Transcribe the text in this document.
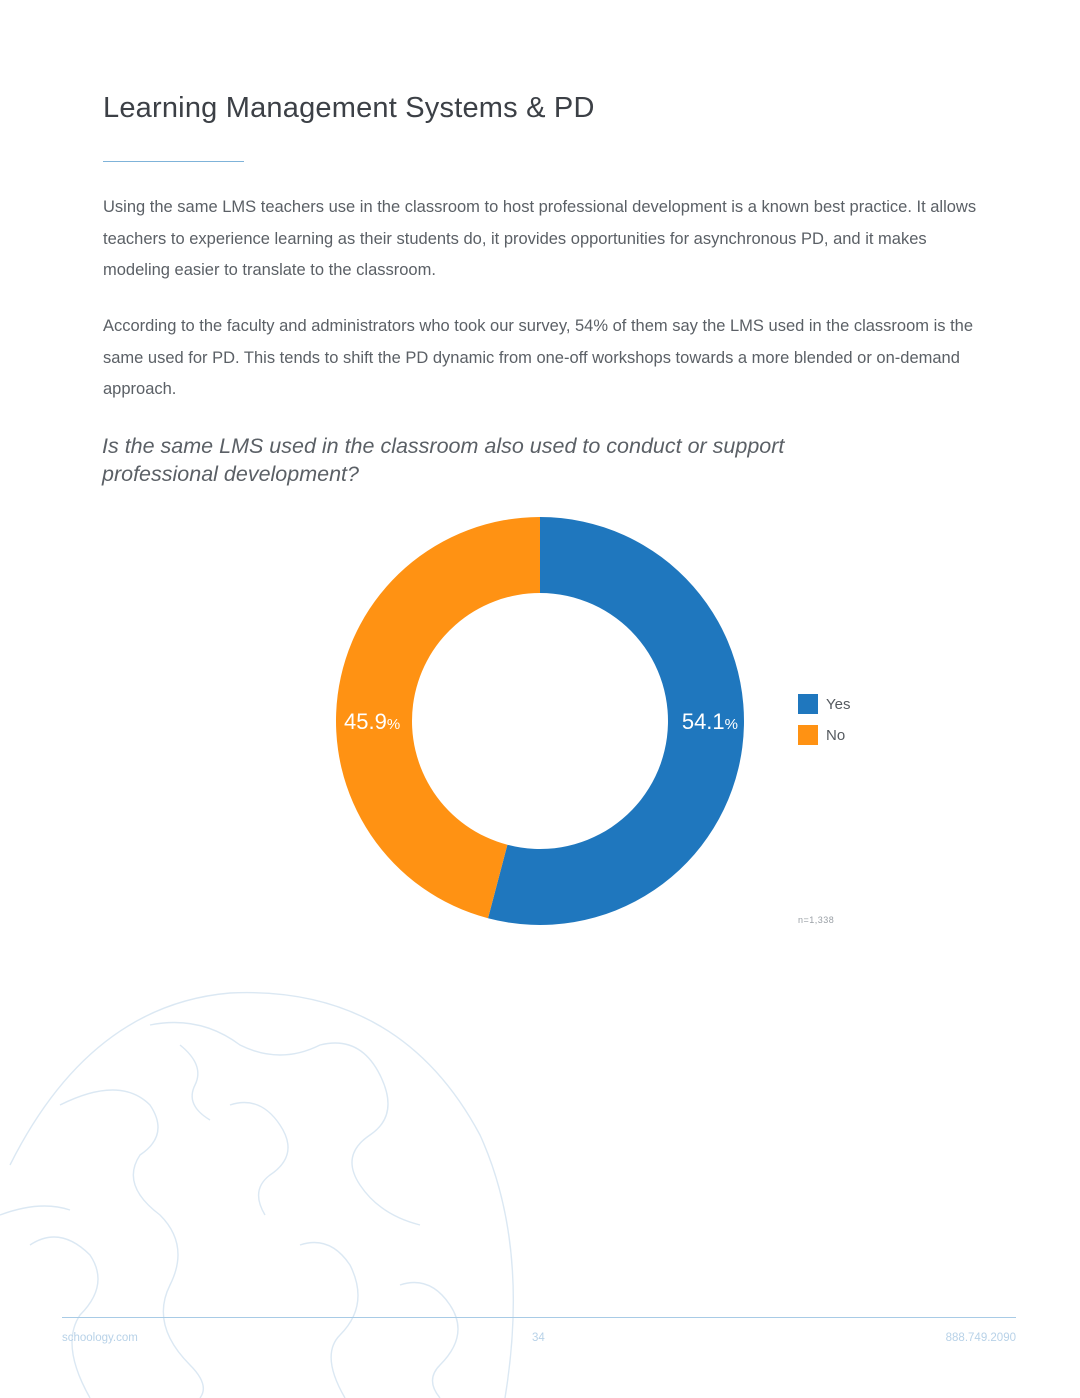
Learning Management Systems & PD

Using the same LMS teachers use in the classroom to host professional development is a known best practice. It allows teachers to experience learning as their students do, it provides opportunities for asynchronous PD, and it makes modeling easier to translate to the classroom.

According to the faculty and administrators who took our survey, 54% of them say the LMS used in the classroom is the same used for PD. This tends to shift the PD dynamic from one-off workshops towards a more blended or on-demand approach.

Is the same LMS used in the classroom also used to conduct or support professional development?

54.1%
45.9%
Yes
No
n=1,338
schoology.com	34	888.749.2090
